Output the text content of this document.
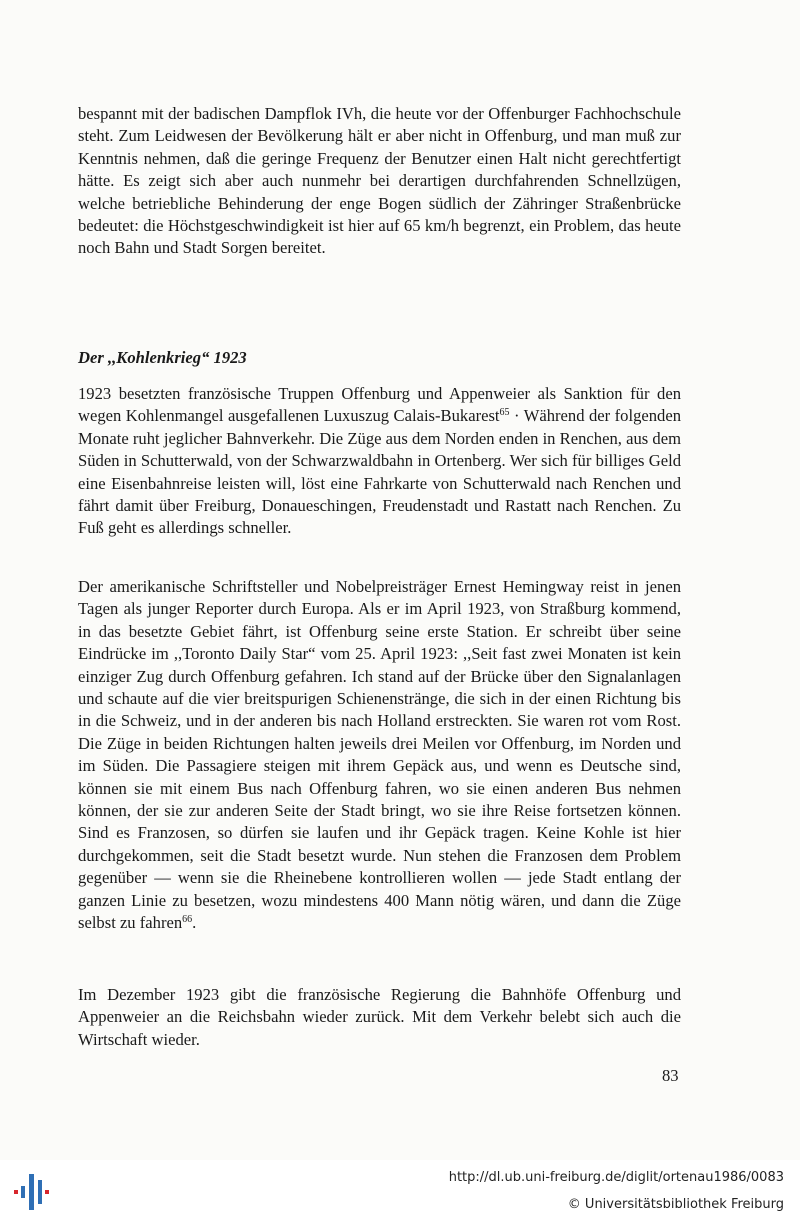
bespannt mit der badischen Dampflok IVh, die heute vor der Offenburger Fachhochschule steht. Zum Leidwesen der Bevölkerung hält er aber nicht in Offenburg, und man muß zur Kenntnis nehmen, daß die geringe Frequenz der Benutzer einen Halt nicht gerechtfertigt hätte. Es zeigt sich aber auch nunmehr bei derartigen durchfahrenden Schnellzügen, welche betriebliche Behinderung der enge Bogen südlich der Zähringer Straßenbrücke bedeutet: die Höchstgeschwindigkeit ist hier auf 65 km/h begrenzt, ein Problem, das heute noch Bahn und Stadt Sorgen bereitet.

Der ,,Kohlenkrieg“ 1923

1923 besetzten französische Truppen Offenburg und Appenweier als Sanktion für den wegen Kohlenmangel ausgefallenen Luxuszug Calais-Bukarest$^{65}$ · Während der folgenden Monate ruht jeglicher Bahnverkehr. Die Züge aus dem Norden enden in Renchen, aus dem Süden in Schutterwald, von der Schwarzwaldbahn in Ortenberg. Wer sich für billiges Geld eine Eisenbahnreise leisten will, löst eine Fahrkarte von Schutterwald nach Renchen und fährt damit über Freiburg, Donaueschingen, Freudenstadt und Rastatt nach Renchen. Zu Fuß geht es allerdings schneller.

Der amerikanische Schriftsteller und Nobelpreisträger Ernest Hemingway reist in jenen Tagen als junger Reporter durch Europa. Als er im April 1923, von Straßburg kommend, in das besetzte Gebiet fährt, ist Offenburg seine erste Station. Er schreibt über seine Eindrücke im ,,Toronto Daily Star“ vom 25. April 1923: ,,Seit fast zwei Monaten ist kein einziger Zug durch Offenburg gefahren. Ich stand auf der Brücke über den Signalanlagen und schaute auf die vier breitspurigen Schienenstränge, die sich in der einen Richtung bis in die Schweiz, und in der anderen bis nach Holland erstreckten. Sie waren rot vom Rost. Die Züge in beiden Richtungen halten jeweils drei Meilen vor Offenburg, im Norden und im Süden. Die Passagiere steigen mit ihrem Gepäck aus, und wenn es Deutsche sind, können sie mit einem Bus nach Offenburg fahren, wo sie einen anderen Bus nehmen können, der sie zur anderen Seite der Stadt bringt, wo sie ihre Reise fortsetzen können. Sind es Franzosen, so dürfen sie laufen und ihr Gepäck tragen. Keine Kohle ist hier durchgekommen, seit die Stadt besetzt wurde. Nun stehen die Franzosen dem Problem gegenüber — wenn sie die Rheinebene kontrollieren wollen — jede Stadt entlang der ganzen Linie zu besetzen, wozu mindestens 400 Mann nötig wären, und dann die Züge selbst zu fahren$^{66}$.

Im Dezember 1923 gibt die französische Regierung die Bahnhöfe Offenburg und Appenweier an die Reichsbahn wieder zurück. Mit dem Verkehr belebt sich auch die Wirtschaft wieder.

83
http://dl.ub.uni-freiburg.de/diglit/ortenau1986/0083
© Universitätsbibliothek Freiburg
